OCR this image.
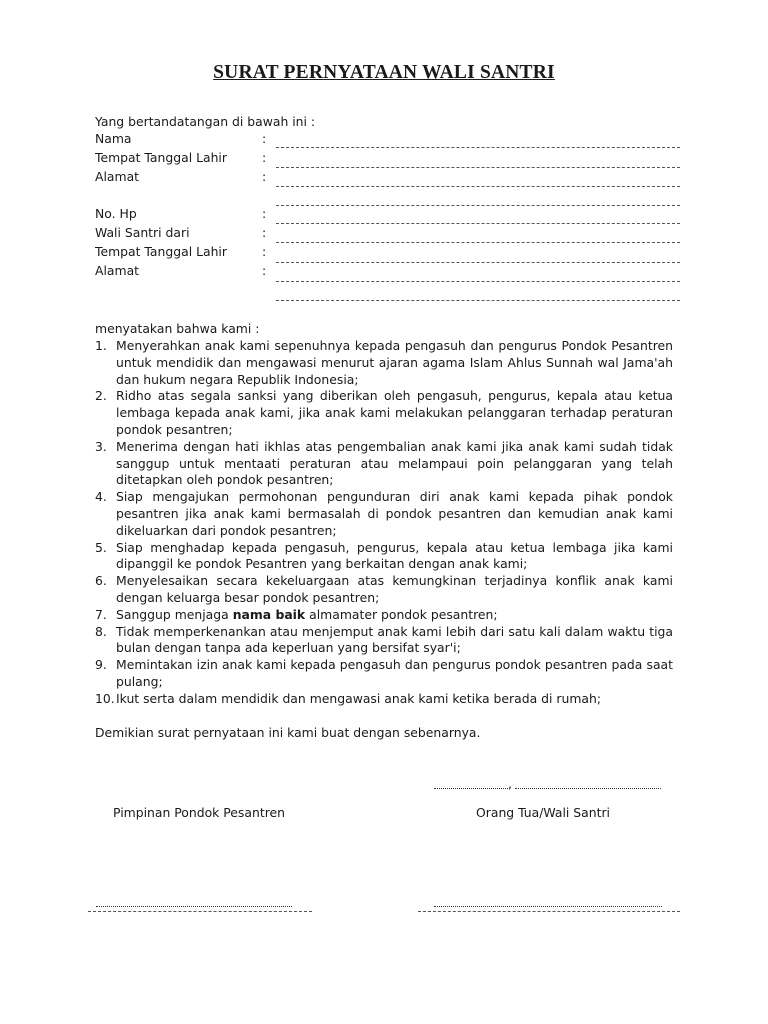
SURAT PERNYATAAN WALI SANTRI
Yang bertandatangan di bawah ini :
Nama	:
Tempat Tanggal Lahir	:
Alamat	:
No. Hp	:
Wali Santri dari	:
Tempat Tanggal Lahir	:
Alamat	:
menyatakan bahwa kami :
1. Menyerahkan anak kami sepenuhnya kepada pengasuh dan pengurus Pondok Pesantren untuk mendidik dan mengawasi menurut ajaran agama Islam Ahlus Sunnah wal Jama'ah dan hukum negara Republik Indonesia;
2. Ridho atas segala sanksi yang diberikan oleh pengasuh, pengurus, kepala atau ketua lembaga kepada anak kami, jika anak kami melakukan pelanggaran terhadap peraturan pondok pesantren;
3. Menerima dengan hati ikhlas atas pengembalian anak kami jika anak kami sudah tidak sanggup untuk mentaati peraturan atau melampaui poin pelanggaran yang telah ditetapkan oleh pondok pesantren;
4. Siap mengajukan permohonan pengunduran diri anak kami kepada pihak pondok pesantren jika anak kami bermasalah di pondok pesantren dan kemudian anak kami dikeluarkan dari pondok pesantren;
5. Siap menghadap kepada pengasuh, pengurus, kepala atau ketua lembaga jika kami dipanggil ke pondok Pesantren yang berkaitan dengan anak kami;
6. Menyelesaikan secara kekeluargaan atas kemungkinan terjadinya konflik anak kami dengan keluarga besar pondok pesantren;
7. Sanggup menjaga nama baik almamater pondok pesantren;
8. Tidak memperkenankan atau menjemput anak kami lebih dari satu kali dalam waktu tiga bulan dengan tanpa ada keperluan yang bersifat syar'i;
9. Memintakan izin anak kami kepada pengasuh dan pengurus pondok pesantren pada saat pulang;
10. Ikut serta dalam mendidik dan mengawasi anak kami ketika berada di rumah;
Demikian surat pernyataan ini kami buat dengan sebenarnya.
,
Pimpinan Pondok Pesantren	Orang Tua/Wali Santri
